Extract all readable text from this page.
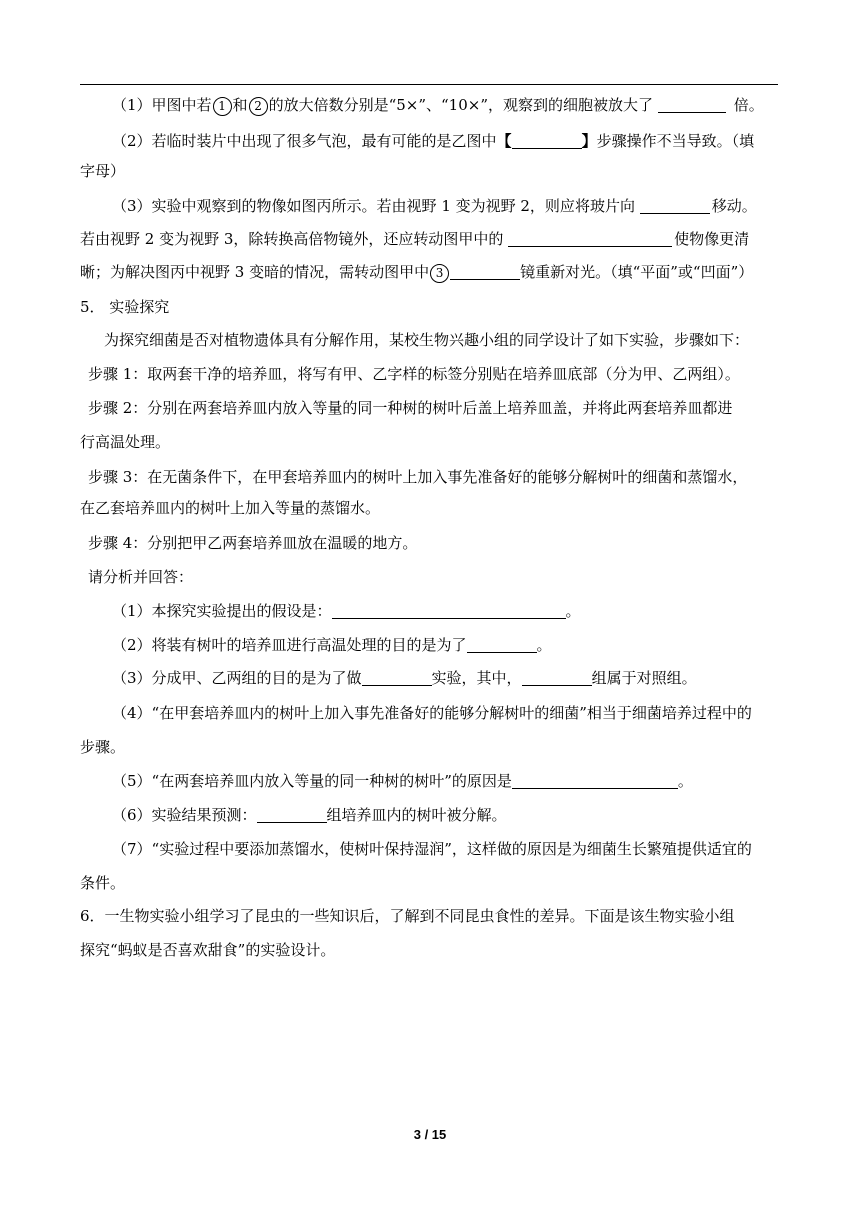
（1）甲图中若 1 和 2 的放大倍数分别是“5×”、“10×”，观察到的细胞被放大了	倍。
（2）若临时装片中出现了很多气泡，最有可能的是乙图中【	】步骤操作不当导致。（填
字母）
（3）实验中观察到的物像如图丙所示。若由视野 1 变为视野 2，则应将玻片向	移动。
若由视野 2 变为视野 3，除转换高倍物镜外，还应转动图甲中的	使物像更清
晰；为解决图丙中视野 3 变暗的情况，需转动图甲中 3	镜重新对光。（填“平面”或“凹面”）
5． 实验探究
为探究细菌是否对植物遗体具有分解作用，某校生物兴趣小组的同学设计了如下实验，步骤如下：
步骤 1：取两套干净的培养皿，将写有甲、乙字样的标签分别贴在培养皿底部（分为甲、乙两组）。
步骤 2：分别在两套培养皿内放入等量的同一种树的树叶后盖上培养皿盖，并将此两套培养皿都进
行高温处理。
步骤 3：在无菌条件下，在甲套培养皿内的树叶上加入事先准备好的能够分解树叶的细菌和蒸馏水，
在乙套培养皿内的树叶上加入等量的蒸馏水。
步骤 4：分别把甲乙两套培养皿放在温暖的地方。
请分析并回答：
（1）本探究实验提出的假设是：	。
（2）将装有树叶的培养皿进行高温处理的目的是为了	。
（3）分成甲、乙两组的目的是为了做	实验，其中，	组属于对照组。
（4）“在甲套培养皿内的树叶上加入事先准备好的能够分解树叶的细菌”相当于细菌培养过程中的
步骤。
（5）“在两套培养皿内放入等量的同一种树的树叶”的原因是	。
（6）实验结果预测：	组培养皿内的树叶被分解。
（7）“实验过程中要添加蒸馏水，使树叶保持湿润”，这样做的原因是为细菌生长繁殖提供适宜的
条件。
6．一生物实验小组学习了昆虫的一些知识后，了解到不同昆虫食性的差异。下面是该生物实验小组
探究“蚂蚁是否喜欢甜食”的实验设计。
3 / 15
